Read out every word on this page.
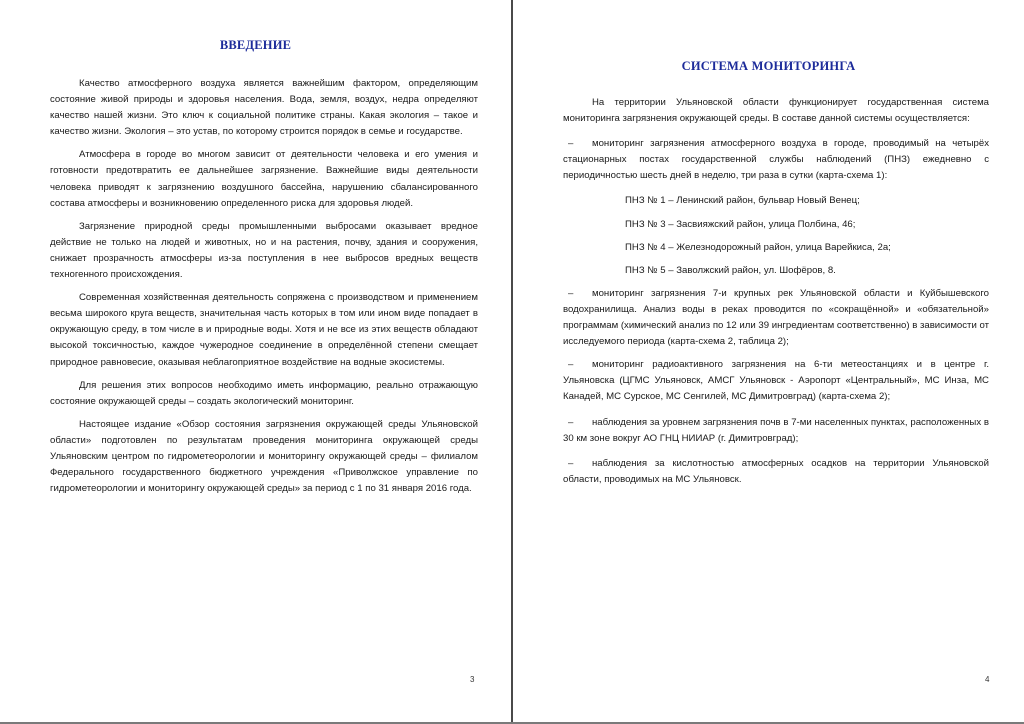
ВВЕДЕНИЕ

Качество атмосферного воздуха является важнейшим фактором, определяющим состояние живой природы и здоровья населения. Вода, земля, воздух, недра определяют качество нашей жизни. Это ключ к социальной политике страны. Какая экология – такое и качество жизни. Экология – это устав, по которому строится порядок в семье и государстве.

Атмосфера в городе во многом зависит от деятельности человека и его умения и готовности предотвратить ее дальнейшее загрязнение. Важнейшие виды деятельности человека приводят к загрязнению воздушного бассейна, нарушению сбалансированного состава атмосферы и возникновению определенного риска для здоровья людей.

Загрязнение природной среды промышленными выбросами оказывает вредное действие не только на людей и животных, но и на растения, почву, здания и сооружения, снижает прозрачность атмосферы из-за поступления в нее выбросов вредных веществ техногенного происхождения.

Современная хозяйственная деятельность сопряжена с производством и применением весьма широкого круга веществ, значительная часть которых в том или ином виде попадает в окружающую среду, в том числе в и природные воды. Хотя и не все из этих веществ обладают высокой токсичностью, каждое чужеродное соединение в определённой степени смещает природное равновесие, оказывая неблагоприятное воздействие на водные экосистемы.

Для решения этих вопросов необходимо иметь информацию, реально отражающую состояние окружающей среды – создать экологический мониторинг.

Настоящее издание «Обзор состояния загрязнения окружающей среды Ульяновской области» подготовлен по результатам проведения мониторинга окружающей среды Ульяновским центром по гидрометеорологии и мониторингу окружающей среды – филиалом Федерального государственного бюджетного учреждения «Приволжское управление по гидрометеорологии и мониторингу окружающей среды» за период с 1 по 31 января 2016 года.

3
СИСТЕМА МОНИТОРИНГА

На территории Ульяновской области функционирует государственная система мониторинга загрязнения окружающей среды. В составе данной системы осуществляется:

– мониторинг загрязнения атмосферного воздуха в городе, проводимый на четырёх стационарных постах государственной службы наблюдений (ПНЗ) ежедневно с периодичностью шесть дней в неделю, три раза в сутки (карта-схема 1):

ПНЗ № 1 – Ленинский район, бульвар Новый Венец;

ПНЗ № 3 – Засвияжский район, улица Полбина, 46;

ПНЗ № 4 – Железнодорожный район, улица Варейкиса, 2а;

ПНЗ № 5 – Заволжский район, ул. Шофёров, 8.

– мониторинг загрязнения 7-и крупных рек Ульяновской области и Куйбышевского водохранилища. Анализ воды в реках проводится по «сокращённой» и «обязательной» программам (химический анализ по 12 или 39 ингредиентам соответственно) в зависимости от исследуемого периода (карта-схема 2, таблица 2);

– мониторинг радиоактивного загрязнения на 6-ти метеостанциях и в центре г. Ульяновска (ЦГМС Ульяновск, АМСГ Ульяновск - Аэропорт «Центральный», МС Инза, МС Канадей, МС Сурское, МС Сенгилей, МС Димитровград) (карта-схема 2);

– наблюдения за уровнем загрязнения почв в 7-ми населенных пунктах, расположенных в 30 км зоне вокруг АО ГНЦ НИИАР (г. Димитровград);

– наблюдения за кислотностью атмосферных осадков на территории Ульяновской области, проводимых на МС Ульяновск.

4
